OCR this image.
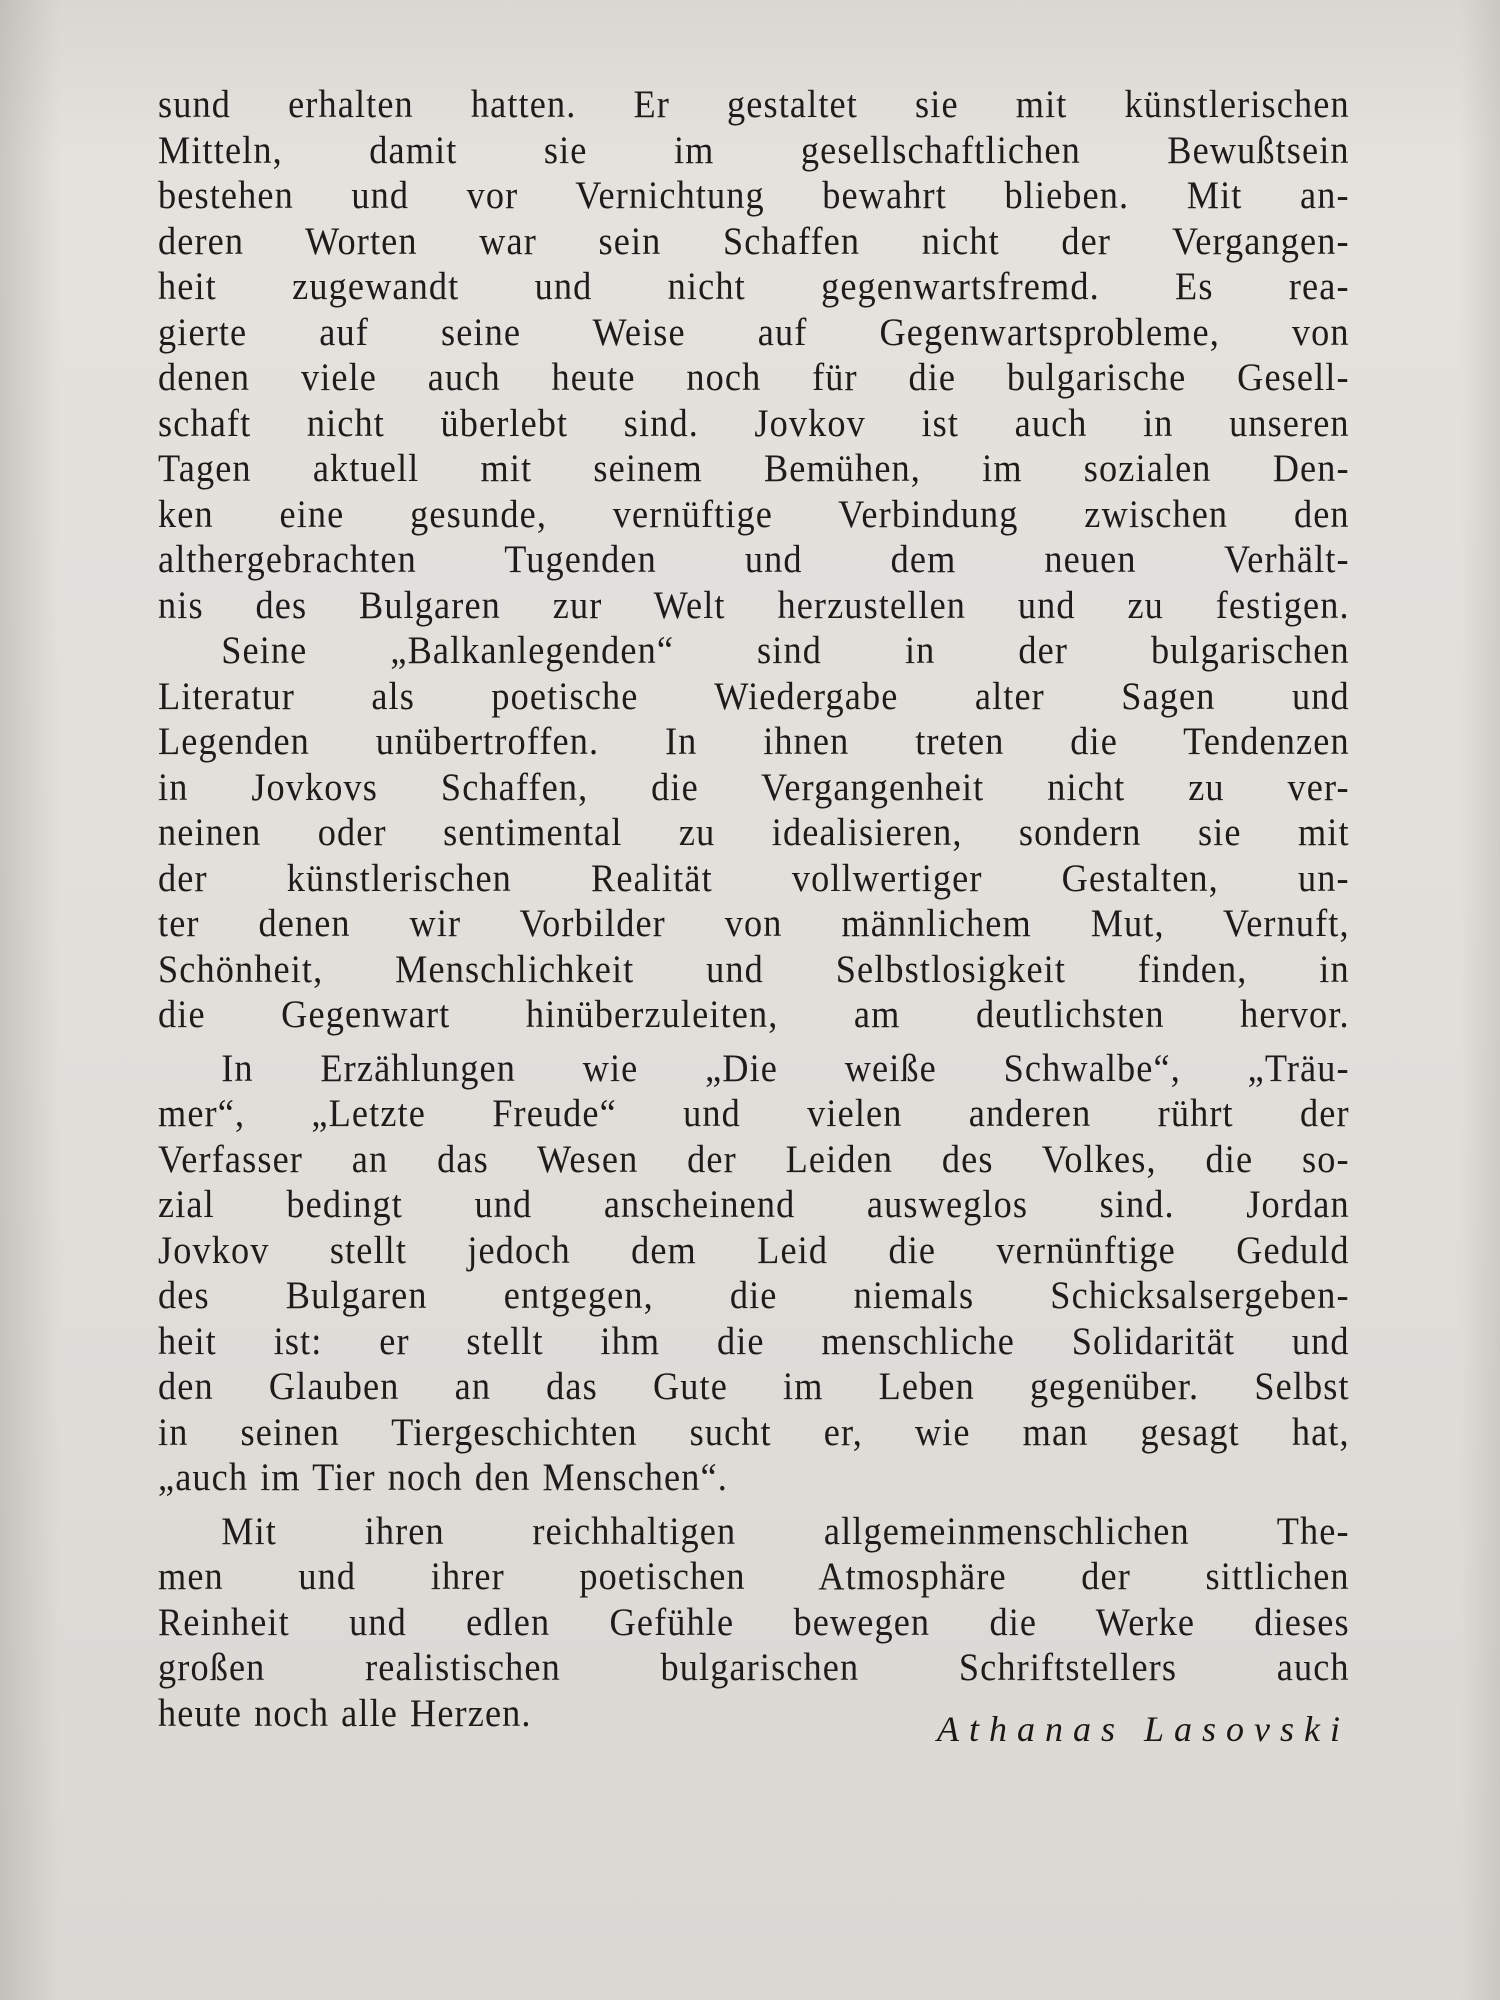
sund erhalten hatten. Er gestaltet sie mit künstlerischen
Mitteln, damit sie im gesellschaftlichen Bewußtsein
bestehen und vor Vernichtung bewahrt blieben. Mit an-
deren Worten war sein Schaffen nicht der Vergangen-
heit zugewandt und nicht gegenwartsfremd. Es rea-
gierte auf seine Weise auf Gegenwartsprobleme, von
denen viele auch heute noch für die bulgarische Gesell-
schaft nicht überlebt sind. Jovkov ist auch in unseren
Tagen aktuell mit seinem Bemühen, im sozialen Den-
ken eine gesunde, vernüftige Verbindung zwischen den
althergebrachten Tugenden und dem neuen Verhält-
nis des Bulgaren zur Welt herzustellen und zu festigen.
Seine „Balkanlegenden“ sind in der bulgarischen
Literatur als poetische Wiedergabe alter Sagen und
Legenden unübertroffen. In ihnen treten die Tendenzen
in Jovkovs Schaffen, die Vergangenheit nicht zu ver-
neinen oder sentimental zu idealisieren, sondern sie mit
der künstlerischen Realität vollwertiger Gestalten, un-
ter denen wir Vorbilder von männlichem Mut, Vernuft,
Schönheit, Menschlichkeit und Selbstlosigkeit finden, in
die Gegenwart hinüberzuleiten, am deutlichsten hervor.
In Erzählungen wie „Die weiße Schwalbe“, „Träu-
mer“, „Letzte Freude“ und vielen anderen rührt der
Verfasser an das Wesen der Leiden des Volkes, die so-
zial bedingt und anscheinend ausweglos sind. Jordan
Jovkov stellt jedoch dem Leid die vernünftige Geduld
des Bulgaren entgegen, die niemals Schicksalsergeben-
heit ist: er stellt ihm die menschliche Solidarität und
den Glauben an das Gute im Leben gegenüber. Selbst
in seinen Tiergeschichten sucht er, wie man gesagt hat,
„auch im Tier noch den Menschen“.
Mit ihren reichhaltigen allgemeinmenschlichen The-
men und ihrer poetischen Atmosphäre der sittlichen
Reinheit und edlen Gefühle bewegen die Werke dieses
großen realistischen bulgarischen Schriftstellers auch
heute noch alle Herzen.	Athanas Lasovski
